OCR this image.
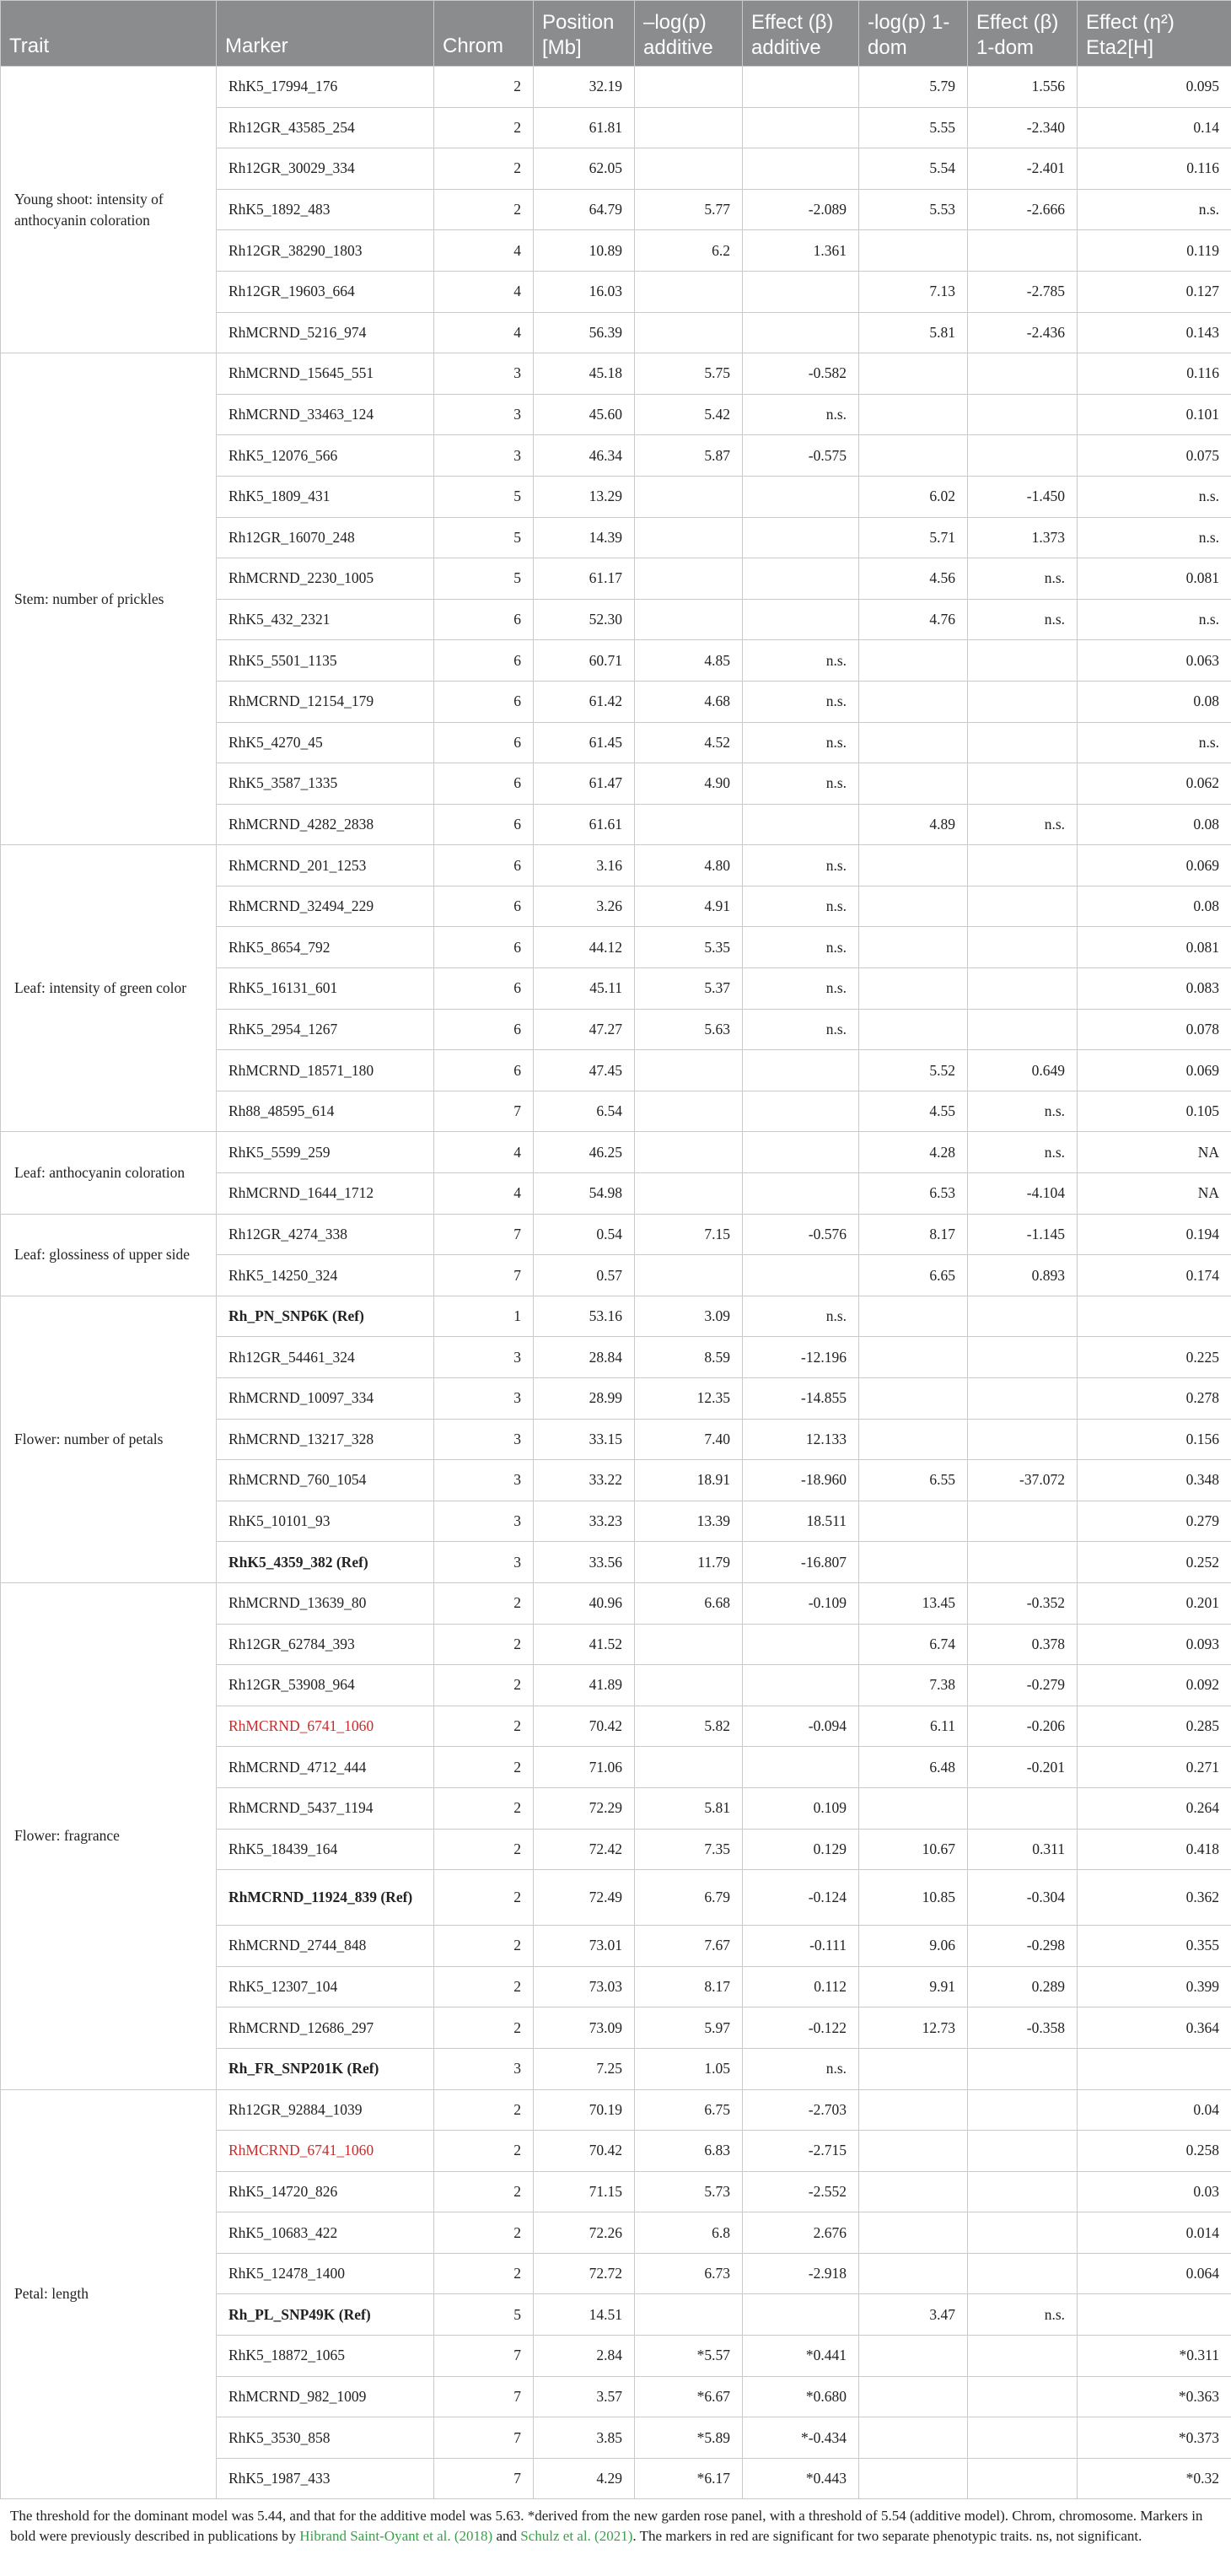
Trait	Marker	Chrom	Position [Mb]	–log(p) additive	Effect (β) additive	-log(p) 1-dom	Effect (β) 1-dom	Effect (η²)
Eta2[H]
Young shoot: intensity of anthocyanin coloration	RhK5_17994_176	2	32.19			5.79	1.556	0.095
	Rh12GR_43585_254	2	61.81			5.55	-2.340	0.14
	Rh12GR_30029_334	2	62.05			5.54	-2.401	0.116
	RhK5_1892_483	2	64.79	5.77	-2.089	5.53	-2.666	n.s.
	Rh12GR_38290_1803	4	10.89	6.2	1.361			0.119
	Rh12GR_19603_664	4	16.03			7.13	-2.785	0.127
	RhMCRND_5216_974	4	56.39			5.81	-2.436	0.143
Stem: number of prickles	RhMCRND_15645_551	3	45.18	5.75	-0.582			0.116
	RhMCRND_33463_124	3	45.60	5.42	n.s.			0.101
	RhK5_12076_566	3	46.34	5.87	-0.575			0.075
	RhK5_1809_431	5	13.29			6.02	-1.450	n.s.
	Rh12GR_16070_248	5	14.39			5.71	1.373	n.s.
	RhMCRND_2230_1005	5	61.17			4.56	n.s.	0.081
	RhK5_432_2321	6	52.30			4.76	n.s.	n.s.
	RhK5_5501_1135	6	60.71	4.85	n.s.			0.063
	RhMCRND_12154_179	6	61.42	4.68	n.s.			0.08
	RhK5_4270_45	6	61.45	4.52	n.s.			n.s.
	RhK5_3587_1335	6	61.47	4.90	n.s.			0.062
	RhMCRND_4282_2838	6	61.61			4.89	n.s.	0.08
Leaf: intensity of green color	RhMCRND_201_1253	6	3.16	4.80	n.s.			0.069
	RhMCRND_32494_229	6	3.26	4.91	n.s.			0.08
	RhK5_8654_792	6	44.12	5.35	n.s.			0.081
	RhK5_16131_601	6	45.11	5.37	n.s.			0.083
	RhK5_2954_1267	6	47.27	5.63	n.s.			0.078
	RhMCRND_18571_180	6	47.45			5.52	0.649	0.069
	Rh88_48595_614	7	6.54			4.55	n.s.	0.105
Leaf: anthocyanin coloration	RhK5_5599_259	4	46.25			4.28	n.s.	NA
	RhMCRND_1644_1712	4	54.98			6.53	-4.104	NA
Leaf: glossiness of upper side	Rh12GR_4274_338	7	0.54	7.15	-0.576	8.17	-1.145	0.194
	RhK5_14250_324	7	0.57			6.65	0.893	0.174
Flower: number of petals	Rh_PN_SNP6K (Ref)	1	53.16	3.09	n.s.			
	Rh12GR_54461_324	3	28.84	8.59	-12.196			0.225
	RhMCRND_10097_334	3	28.99	12.35	-14.855			0.278
	RhMCRND_13217_328	3	33.15	7.40	12.133			0.156
	RhMCRND_760_1054	3	33.22	18.91	-18.960	6.55	-37.072	0.348
	RhK5_10101_93	3	33.23	13.39	18.511			0.279
	RhK5_4359_382 (Ref)	3	33.56	11.79	-16.807			0.252
Flower: fragrance	RhMCRND_13639_80	2	40.96	6.68	-0.109	13.45	-0.352	0.201
	Rh12GR_62784_393	2	41.52			6.74	0.378	0.093
	Rh12GR_53908_964	2	41.89			7.38	-0.279	0.092
	RhMCRND_6741_1060	2	70.42	5.82	-0.094	6.11	-0.206	0.285
	RhMCRND_4712_444	2	71.06			6.48	-0.201	0.271
	RhMCRND_5437_1194	2	72.29	5.81	0.109			0.264
	RhK5_18439_164	2	72.42	7.35	0.129	10.67	0.311	0.418
	RhMCRND_11924_839 (Ref)	2	72.49	6.79	-0.124	10.85	-0.304	0.362
	RhMCRND_2744_848	2	73.01	7.67	-0.111	9.06	-0.298	0.355
	RhK5_12307_104	2	73.03	8.17	0.112	9.91	0.289	0.399
	RhMCRND_12686_297	2	73.09	5.97	-0.122	12.73	-0.358	0.364
	Rh_FR_SNP201K (Ref)	3	7.25	1.05	n.s.			
Petal: length	Rh12GR_92884_1039	2	70.19	6.75	-2.703			0.04
	RhMCRND_6741_1060	2	70.42	6.83	-2.715			0.258
	RhK5_14720_826	2	71.15	5.73	-2.552			0.03
	RhK5_10683_422	2	72.26	6.8	2.676			0.014
	RhK5_12478_1400	2	72.72	6.73	-2.918			0.064
	Rh_PL_SNP49K (Ref)	5	14.51			3.47	n.s.	
	RhK5_18872_1065	7	2.84	*5.57	*0.441			*0.311
	RhMCRND_982_1009	7	3.57	*6.67	*0.680			*0.363
	RhK5_3530_858	7	3.85	*5.89	*-0.434			*0.373
	RhK5_1987_433	7	4.29	*6.17	*0.443			*0.32
The threshold for the dominant model was 5.44, and that for the additive model was 5.63. *derived from the new garden rose panel, with a threshold of 5.54 (additive model). Chrom, chromosome. Markers in bold were previously described in publications by Hibrand Saint-Oyant et al. (2018) and Schulz et al. (2021). The markers in red are significant for two separate phenotypic traits. ns, not significant.
